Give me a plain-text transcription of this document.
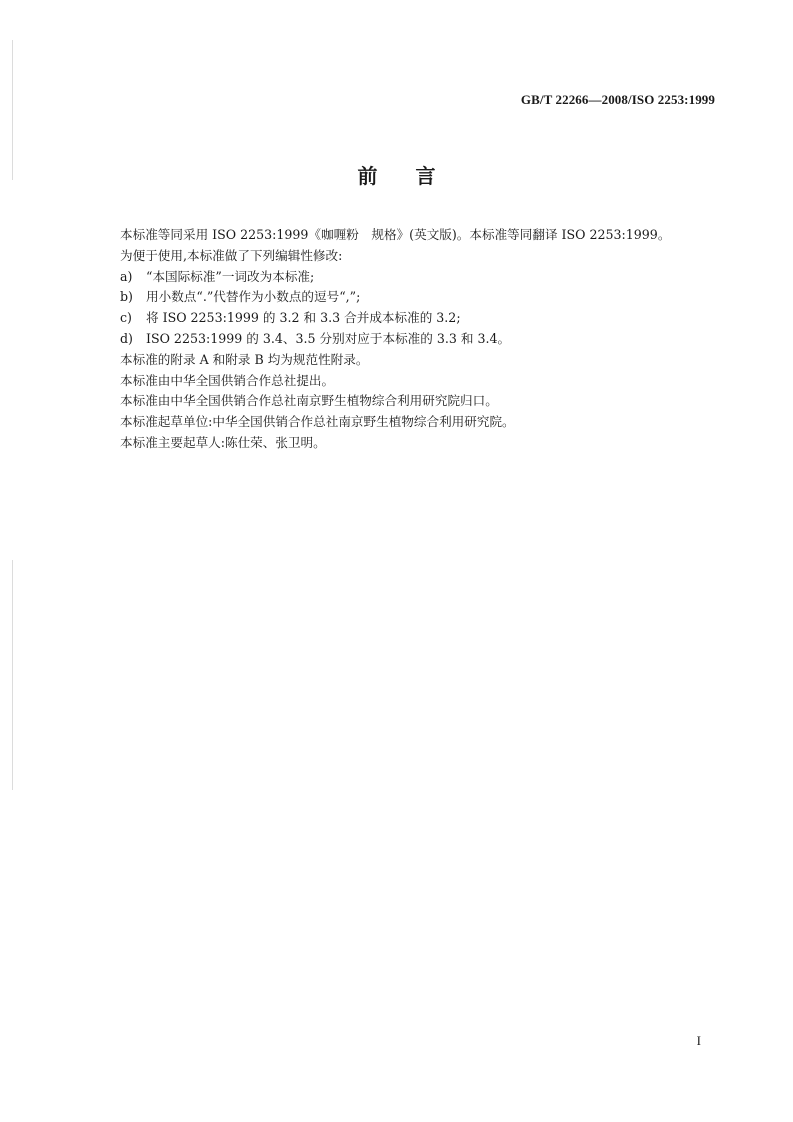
GB/T 22266—2008/ISO 2253:1999
前言
本标准等同采用 ISO 2253:1999《咖喱粉　规格》(英文版)。本标准等同翻译 ISO 2253:1999。
为便于使用,本标准做了下列编辑性修改:
a) “本国际标准”一词改为本标准;
b) 用小数点“.”代替作为小数点的逗号“,”;
c) 将 ISO 2253:1999 的 3.2 和 3.3 合并成本标准的 3.2;
d) ISO 2253:1999 的 3.4、3.5 分别对应于本标准的 3.3 和 3.4。
本标准的附录 A 和附录 B 均为规范性附录。
本标准由中华全国供销合作总社提出。
本标准由中华全国供销合作总社南京野生植物综合利用研究院归口。
本标准起草单位:中华全国供销合作总社南京野生植物综合利用研究院。
本标准主要起草人:陈仕荣、张卫明。
I
